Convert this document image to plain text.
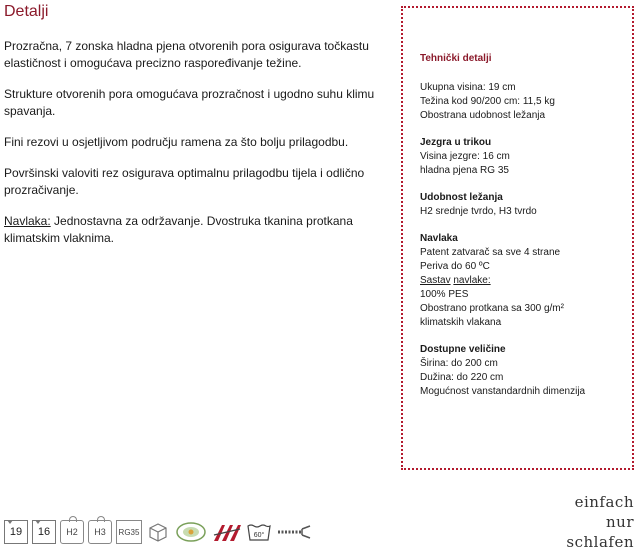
Detalji

Prozračna, 7 zonska hladna pjena otvorenih pora osigurava točkastu elastičnost i omogućava precizno raspoređivanje težine.

Strukture otvorenih pora omogućava prozračnost i ugodno suhu klimu spavanja.

Fini rezovi u osjetljivom području ramena za što bolju prilagodbu.

Površinski valoviti rez osigurava optimalnu prilagodbu tijela i odlično prozračivanje.

Navlaka: Jednostavna za održavanje. Dvostruka tkanina protkana klimatskim vlaknima.

Tehnički detalji
Ukupna visina: 19 cm
Težina kod 90/200 cm: 11,5 kg
Obostrana udobnost ležanja
Jezgra u trikou
Visina jezgre: 16 cm
hladna pjena RG 35
Udobnost ležanja
H2 srednje tvrdo, H3 tvrdo
Navlaka
Patent zatvarač sa sve 4 strane
Periva do 60 ºC
Sastav navlake:
100% PES
Obostrano protkana sa 300 g/m²
klimatskih vlakana
Dostupne veličine
Širina: do 200 cm
Dužina: do 220 cm
Mogućnost vanstandardnih dimenzija
19	16	H2	H3	RG35	60°
einfach
nur
schlafen
